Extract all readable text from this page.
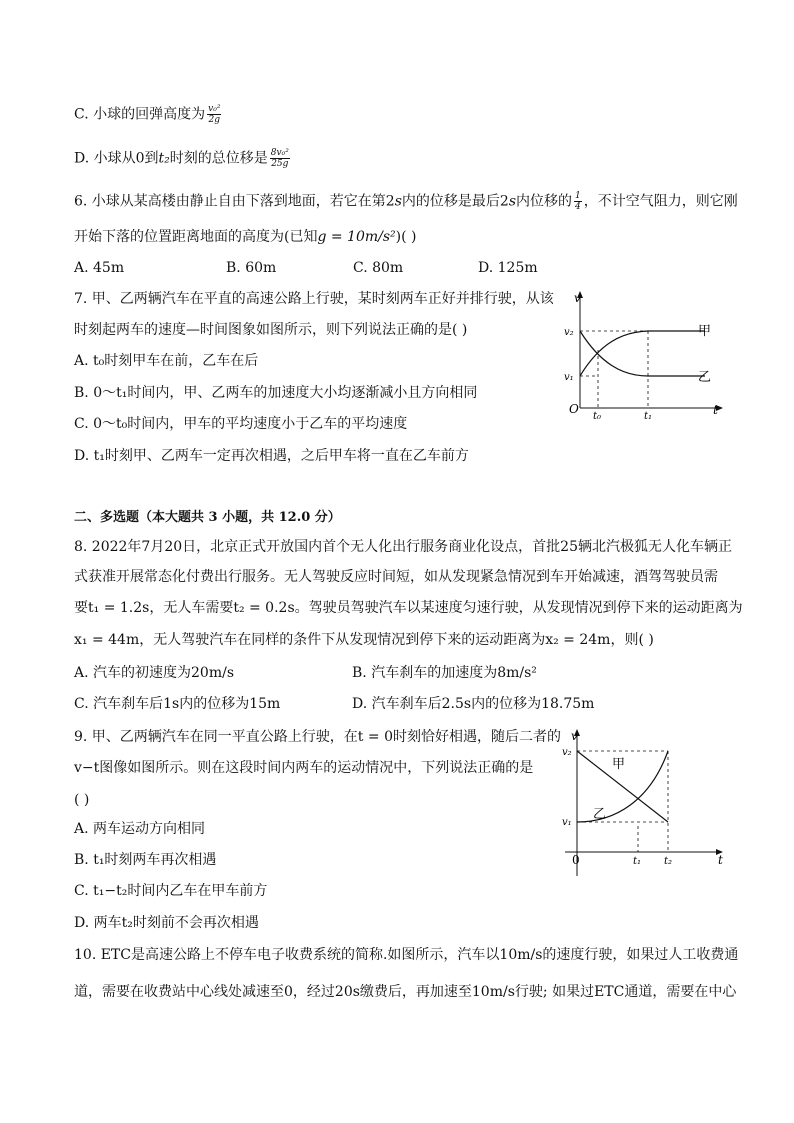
C. 小球的回弹高度为 $\frac{\text{v₀²}}{2g}$
D. 小球从0到t₂时刻的总位移是 $\frac{\text{8v₀²}}{25g}$
6. 小球从某高楼由静止自由下落到地面，若它在第2s内的位移是最后2s内位移的 $\frac{1}{4}$ ，不计空气阻力，则它刚
开始下落的位置距离地面的高度为(已知g = 10m/s²)( )
A. 45m	B. 60m	C. 80m	D. 125m
7. 甲、乙两辆汽车在平直的高速公路上行驶，某时刻两车正好并排行驶，从该
时刻起两车的速度—时间图象如图所示，则下列说法正确的是( )
A. t₀时刻甲车在前，乙车在后
B. 0～t₁时间内，甲、乙两车的加速度大小均逐渐减小且方向相同
C. 0～t₀时间内，甲车的平均速度小于乙车的平均速度
D. t₁时刻甲、乙两车一定再次相遇，之后甲车将一直在乙车前方
v
v₂
v₁
O	t
t₀	t₁
甲
乙
二、多选题（本大题共 3 小题，共 12.0 分）
8. 2022年7月20日，北京正式开放国内首个无人化出行服务商业化设点，首批25辆北汽极狐无人化车辆正
式获准开展常态化付费出行服务。无人驾驶反应时间短，如从发现紧急情况到车开始减速，酒驾驾驶员需
要t₁ = 1.2s，无人车需要t₂ = 0.2s。驾驶员驾驶汽车以某速度匀速行驶，从发现情况到停下来的运动距离为
x₁ = 44m，无人驾驶汽车在同样的条件下从发现情况到停下来的运动距离为x₂ = 24m，则( )
A. 汽车的初速度为20m/s	B. 汽车刹车的加速度为8m/s²
C. 汽车刹车后1s内的位移为15m	D. 汽车刹车后2.5s内的位移为18.75m
9. 甲、乙两辆汽车在同一平直公路上行驶，在t = 0时刻恰好相遇，随后二者的
v−t图像如图所示。则在这段时间内两车的运动情况中，下列说法正确的是
( )
A. 两车运动方向相同
B. t₁时刻两车再次相遇
C. t₁−t₂时间内乙车在甲车前方
D. 两车t₂时刻前不会再次相遇
v
v₂
v₁
0	t
t₁ t₂
甲
乙
10. ETC是高速公路上不停车电子收费系统的简称.如图所示，汽车以10m/s的速度行驶，如果过人工收费通
道，需要在收费站中心线处减速至0，经过20s缴费后，再加速至10m/s行驶; 如果过ETC通道，需要在中心
